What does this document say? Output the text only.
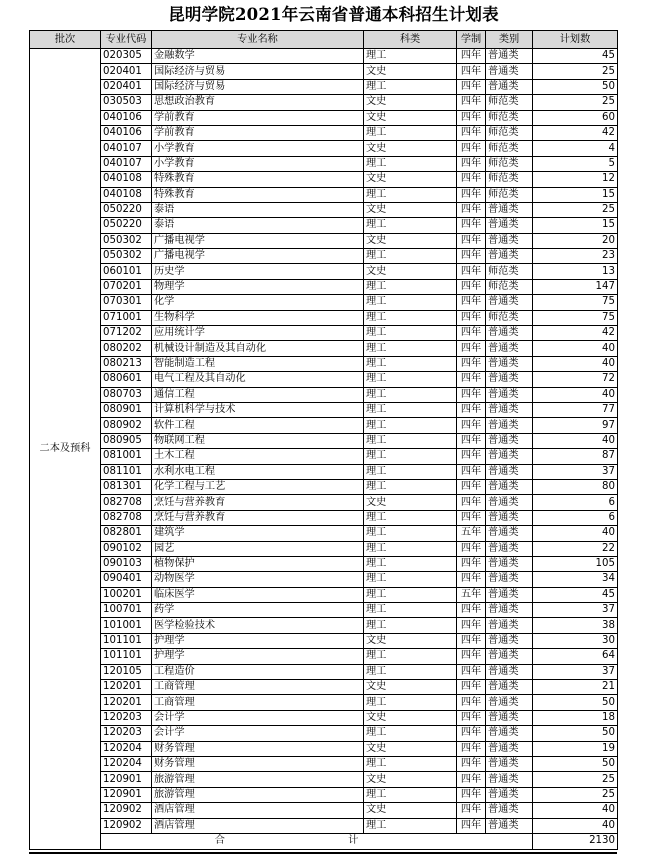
昆明学院2021年云南省普通本科招生计划表
批次	专业代码	专业名称	科类	学制	类别	计划数
二本及预科	020305	金融数学	理工	四年	普通类	45
	020401	国际经济与贸易	文史	四年	普通类	25
	020401	国际经济与贸易	理工	四年	普通类	50
	030503	思想政治教育	文史	四年	师范类	25
	040106	学前教育	文史	四年	师范类	60
	040106	学前教育	理工	四年	师范类	42
	040107	小学教育	文史	四年	师范类	4
	040107	小学教育	理工	四年	师范类	5
	040108	特殊教育	文史	四年	师范类	12
	040108	特殊教育	理工	四年	师范类	15
	050220	泰语	文史	四年	普通类	25
	050220	泰语	理工	四年	普通类	15
	050302	广播电视学	文史	四年	普通类	20
	050302	广播电视学	理工	四年	普通类	23
	060101	历史学	文史	四年	师范类	13
	070201	物理学	理工	四年	师范类	147
	070301	化学	理工	四年	普通类	75
	071001	生物科学	理工	四年	师范类	75
	071202	应用统计学	理工	四年	普通类	42
	080202	机械设计制造及其自动化	理工	四年	普通类	40
	080213	智能制造工程	理工	四年	普通类	40
	080601	电气工程及其自动化	理工	四年	普通类	72
	080703	通信工程	理工	四年	普通类	40
	080901	计算机科学与技术	理工	四年	普通类	77
	080902	软件工程	理工	四年	普通类	97
	080905	物联网工程	理工	四年	普通类	40
	081001	土木工程	理工	四年	普通类	87
	081101	水利水电工程	理工	四年	普通类	37
	081301	化学工程与工艺	理工	四年	普通类	80
	082708	烹饪与营养教育	文史	四年	普通类	6
	082708	烹饪与营养教育	理工	四年	普通类	6
	082801	建筑学	理工	五年	普通类	40
	090102	园艺	理工	四年	普通类	22
	090103	植物保护	理工	四年	普通类	105
	090401	动物医学	理工	四年	普通类	34
	100201	临床医学	理工	五年	普通类	45
	100701	药学	理工	四年	普通类	37
	101001	医学检验技术	理工	四年	普通类	38
	101101	护理学	文史	四年	普通类	30
	101101	护理学	理工	四年	普通类	64
	120105	工程造价	理工	四年	普通类	37
	120201	工商管理	文史	四年	普通类	21
	120201	工商管理	理工	四年	普通类	50
	120203	会计学	文史	四年	普通类	18
	120203	会计学	理工	四年	普通类	50
	120204	财务管理	文史	四年	普通类	19
	120204	财务管理	理工	四年	普通类	50
	120901	旅游管理	文史	四年	普通类	25
	120901	旅游管理	理工	四年	普通类	25
	120902	酒店管理	文史	四年	普通类	40
	120902	酒店管理	理工	四年	普通类	40
	合 计					2130
